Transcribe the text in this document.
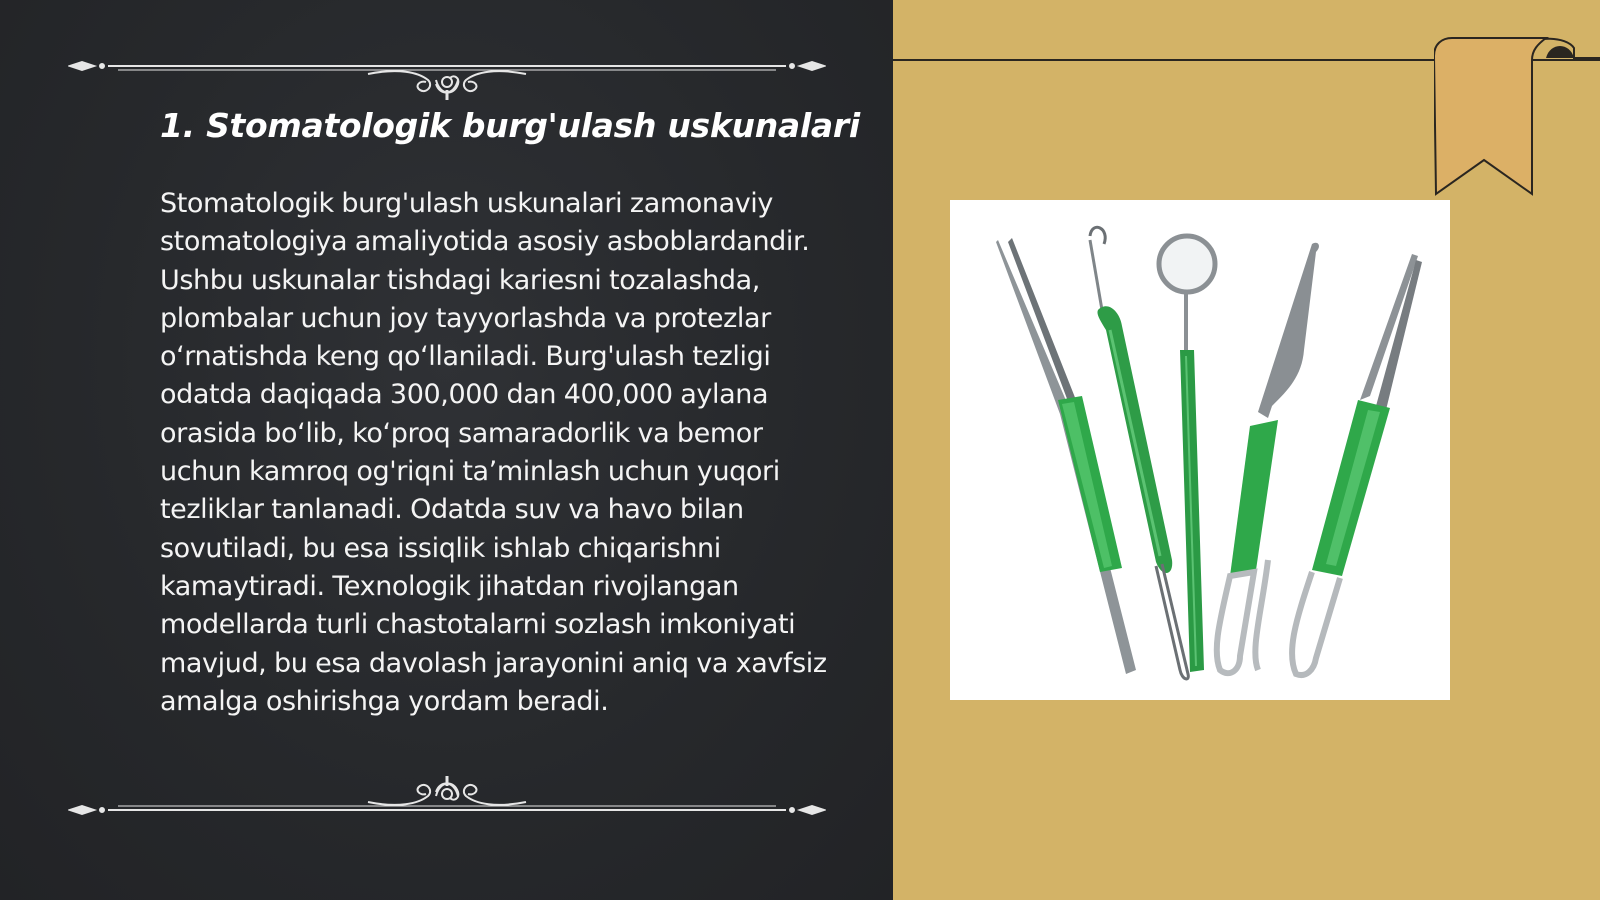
1. Stomatologik burg'ulash uskunalari
Stomatologik burg'ulash uskunalari zamonaviy stomatologiya amaliyotida asosiy asboblardandir. Ushbu uskunalar tishdagi kariesni tozalashda, plombalar uchun joy tayyorlashda va protezlar o‘rnatishda keng qo‘llaniladi. Burg'ulash tezligi odatda daqiqada 300,000 dan 400,000 aylana orasida bo‘lib, ko‘proq samaradorlik va bemor uchun kamroq og'riqni ta’minlash uchun yuqori tezliklar tanlanadi. Odatda suv va havo bilan sovutiladi, bu esa issiqlik ishlab chiqarishni kamaytiradi. Texnologik jihatdan rivojlangan modellarda turli chastotalarni sozlash imkoniyati mavjud, bu esa davolash jarayonini aniq va xavfsiz amalga oshirishga yordam beradi.
